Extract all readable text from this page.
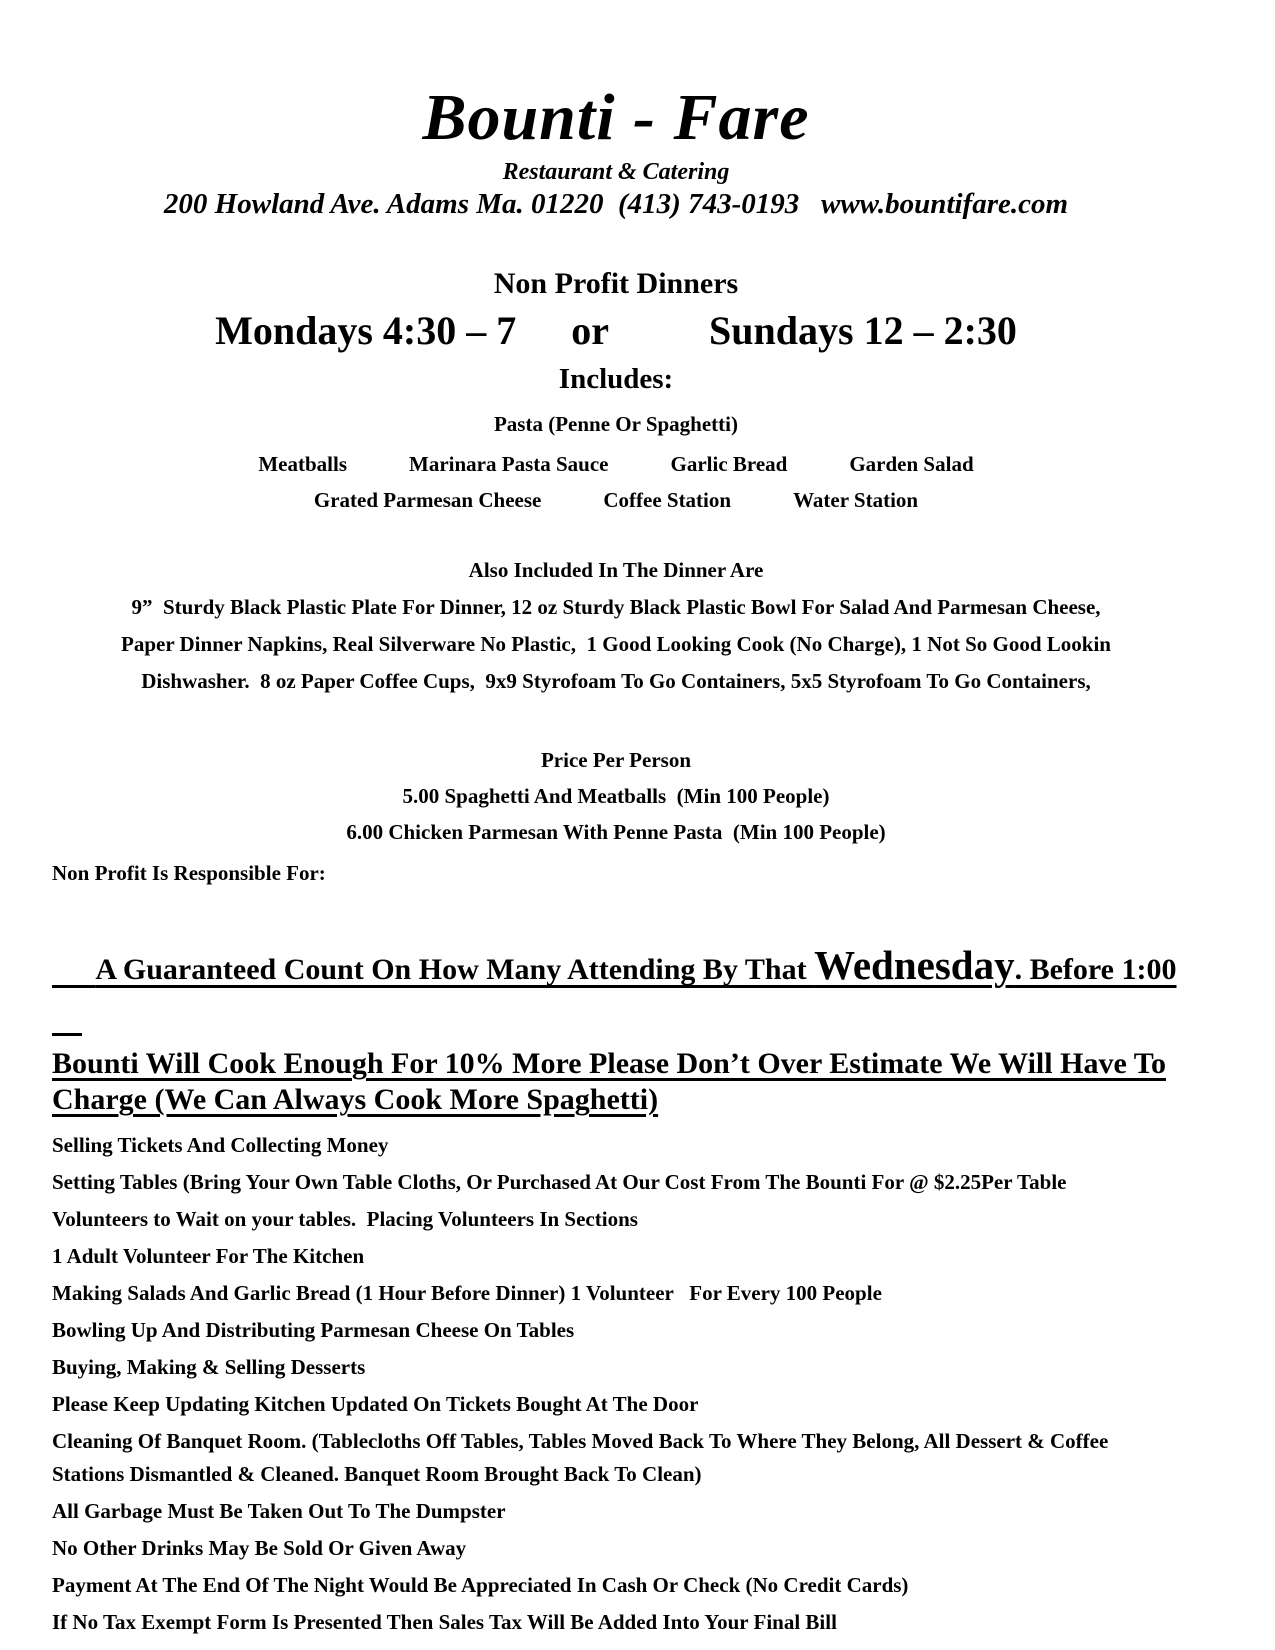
Bounti - Fare
Restaurant & Catering
200 Howland Ave. Adams Ma. 01220  (413) 743-0193   www.bountifare.com
Non Profit Dinners
Mondays 4:30 – 7 or	Sundays 12 – 2:30
Includes:
Pasta (Penne Or Spaghetti)
Meatballs	Marinara Pasta Sauce	Garlic Bread	Garden Salad
Grated Parmesan Cheese	Coffee Station	Water Station
Also Included In The Dinner Are
9”  Sturdy Black Plastic Plate For Dinner, 12 oz Sturdy Black Plastic Bowl For Salad And Parmesan Cheese,
Paper Dinner Napkins, Real Silverware No Plastic,  1 Good Looking Cook (No Charge), 1 Not So Good Lookin
Dishwasher.  8 oz Paper Coffee Cups,  9x9 Styrofoam To Go Containers, 5x5 Styrofoam To Go Containers,
Price Per Person
5.00 Spaghetti And Meatballs  (Min 100 People)
6.00 Chicken Parmesan With Penne Pasta  (Min 100 People)
Non Profit Is Responsible For:

A Guaranteed Count On How Many Attending By That Wednesday. Before 1:00

Bounti Will Cook Enough For 10% More Please Don’t Over Estimate We Will Have To Charge (We Can Always Cook More Spaghetti)

Selling Tickets And Collecting Money

Setting Tables (Bring Your Own Table Cloths, Or Purchased At Our Cost From The Bounti For @ $2.25Per Table

Volunteers to Wait on your tables.  Placing Volunteers In Sections

1 Adult Volunteer For The Kitchen

Making Salads And Garlic Bread (1 Hour Before Dinner) 1 Volunteer   For Every 100 People

Bowling Up And Distributing Parmesan Cheese On Tables

Buying, Making & Selling Desserts

Please Keep Updating Kitchen Updated On Tickets Bought At The Door

Cleaning Of Banquet Room. (Tablecloths Off Tables, Tables Moved Back To Where They Belong, All Dessert & Coffee Stations Dismantled & Cleaned. Banquet Room Brought Back To Clean)

All Garbage Must Be Taken Out To The Dumpster

No Other Drinks May Be Sold Or Given Away

Payment At The End Of The Night Would Be Appreciated In Cash Or Check (No Credit Cards)

If No Tax Exempt Form Is Presented Then Sales Tax Will Be Added Into Your Final Bill
